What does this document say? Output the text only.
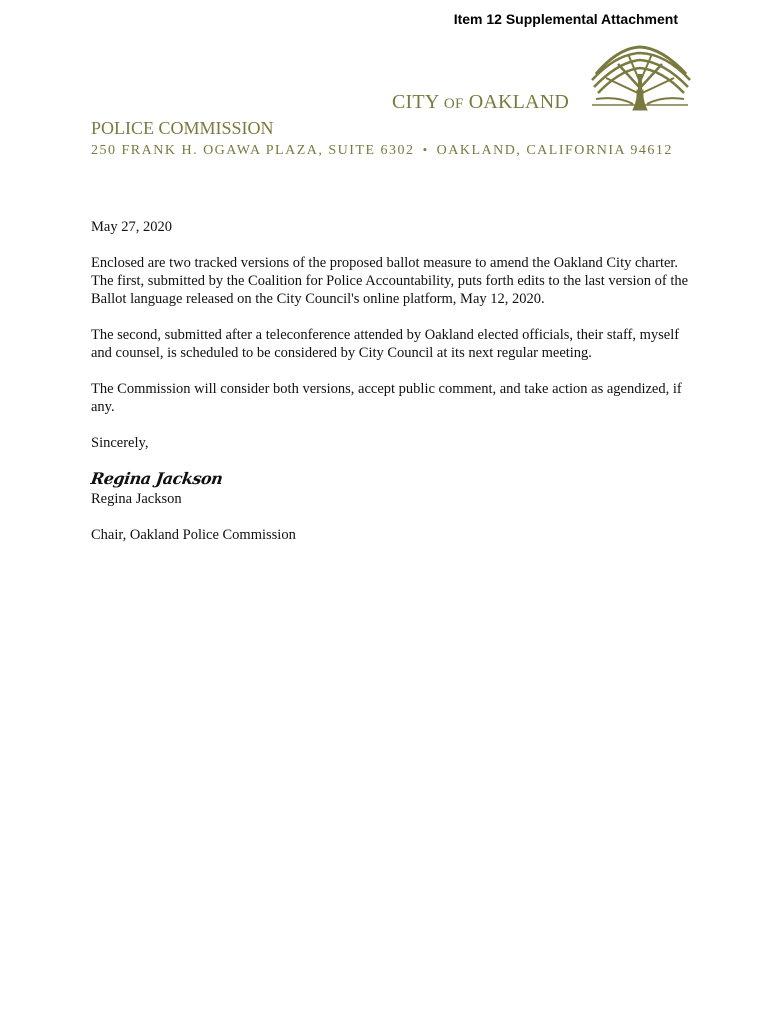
Item 12 Supplemental Attachment
CITY OF OAKLAND
POLICE COMMISSION
250 FRANK H. OGAWA PLAZA, SUITE 6302 • OAKLAND, CALIFORNIA 94612

May 27, 2020

Enclosed are two tracked versions of the proposed ballot measure to amend the Oakland City charter. The first, submitted by the Coalition for Police Accountability, puts forth edits to the last version of the Ballot language released on the City Council's online platform, May 12, 2020.

The second, submitted after a teleconference attended by Oakland elected officials, their staff, myself and counsel, is scheduled to be considered by City Council at its next regular meeting.

The Commission will consider both versions, accept public comment, and take action as agendized, if any.

Sincerely,

Regina Jackson

Regina Jackson

Chair, Oakland Police Commission
